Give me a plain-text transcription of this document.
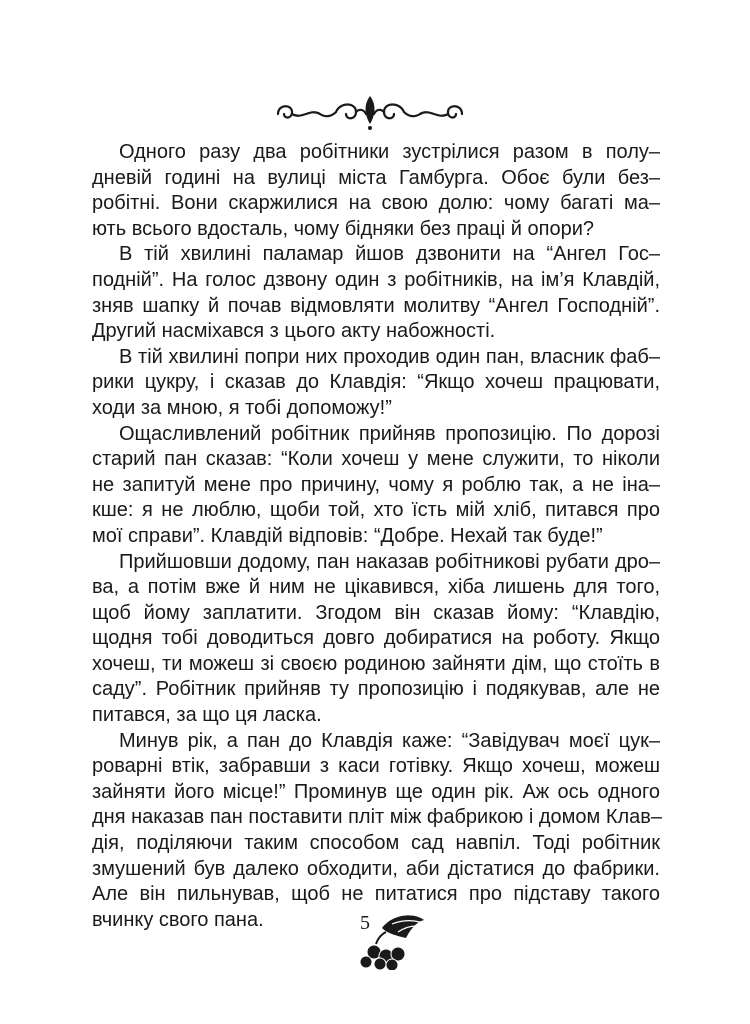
Одного разу два робітники зустрілися разом в полу–
дневій годині на вулиці міста Гамбурга. Обоє були без–
робітні. Вони скаржилися на свою долю: чому багаті ма–
ють всього вдосталь, чому бідняки без праці й опори?
В тій хвилині паламар йшов дзвонити на “Ангел Гос–
подній”. На голос дзвону один з робітників, на ім’я Клавдій,
зняв шапку й почав відмовляти молитву “Ангел Господній”.
Другий насміхався з цього акту набожності.
В тій хвилині попри них проходив один пан, власник фаб–
рики цукру, і сказав до Клавдія: “Якщо хочеш працювати,
ходи за мною, я тобі допоможу!”
Ощасливлений робітник прийняв пропозицію. По дорозі
старий пан сказав: “Коли хочеш у мене служити, то ніколи
не запитуй мене про причину, чому я роблю так, а не іна–
кше: я не люблю, щоби той, хто їсть мій хліб, питався про
мої справи”. Клавдій відповів: “Добре. Нехай так буде!”
Прийшовши додому, пан наказав робітникові рубати дро–
ва, а потім вже й ним не цікавився, хіба лишень для того,
щоб йому заплатити. Згодом він сказав йому: “Клавдію,
щодня тобі доводиться довго добиратися на роботу. Якщо
хочеш, ти можеш зі своєю родиною зайняти дім, що стоїть в
саду”. Робітник прийняв ту пропозицію і подякував, але не
питався, за що ця ласка.
Минув рік, а пан до Клавдія каже: “Завідувач моєї цук–
роварні втік, забравши з каси готівку. Якщо хочеш, можеш
зайняти його місце!” Проминув ще один рік. Аж ось одного
дня наказав пан поставити пліт між фабрикою і домом Клав–
дія, поділяючи таким способом сад навпіл. Тоді робітник
змушений був далеко обходити, аби дістатися до фабрики.
Але він пильнував, щоб не питатися про підставу такого
вчинку свого пана.	5
